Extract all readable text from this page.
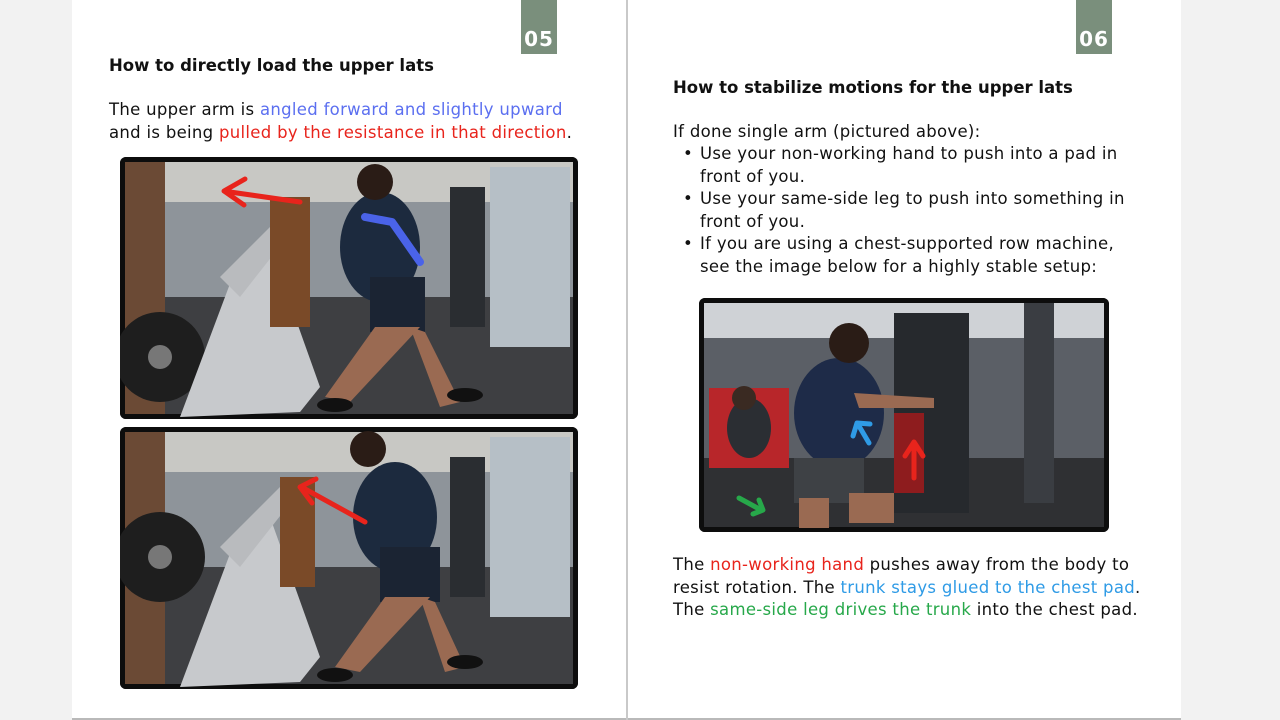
05
How to directly load the upper lats

The upper arm is angled forward and slightly upward
and is being pulled by the resistance in that direction.

06
How to stabilize motions for the upper lats

If done single arm (pictured above):

• Use your non-working hand to push into a pad in front of you.
• Use your same-side leg to push into something in front of you.
• If you are using a chest-supported row machine, see the image below for a highly stable setup:

The non-working hand pushes away from the body to resist rotation. The trunk stays glued to the chest pad. The same-side leg drives the trunk into the chest pad.
